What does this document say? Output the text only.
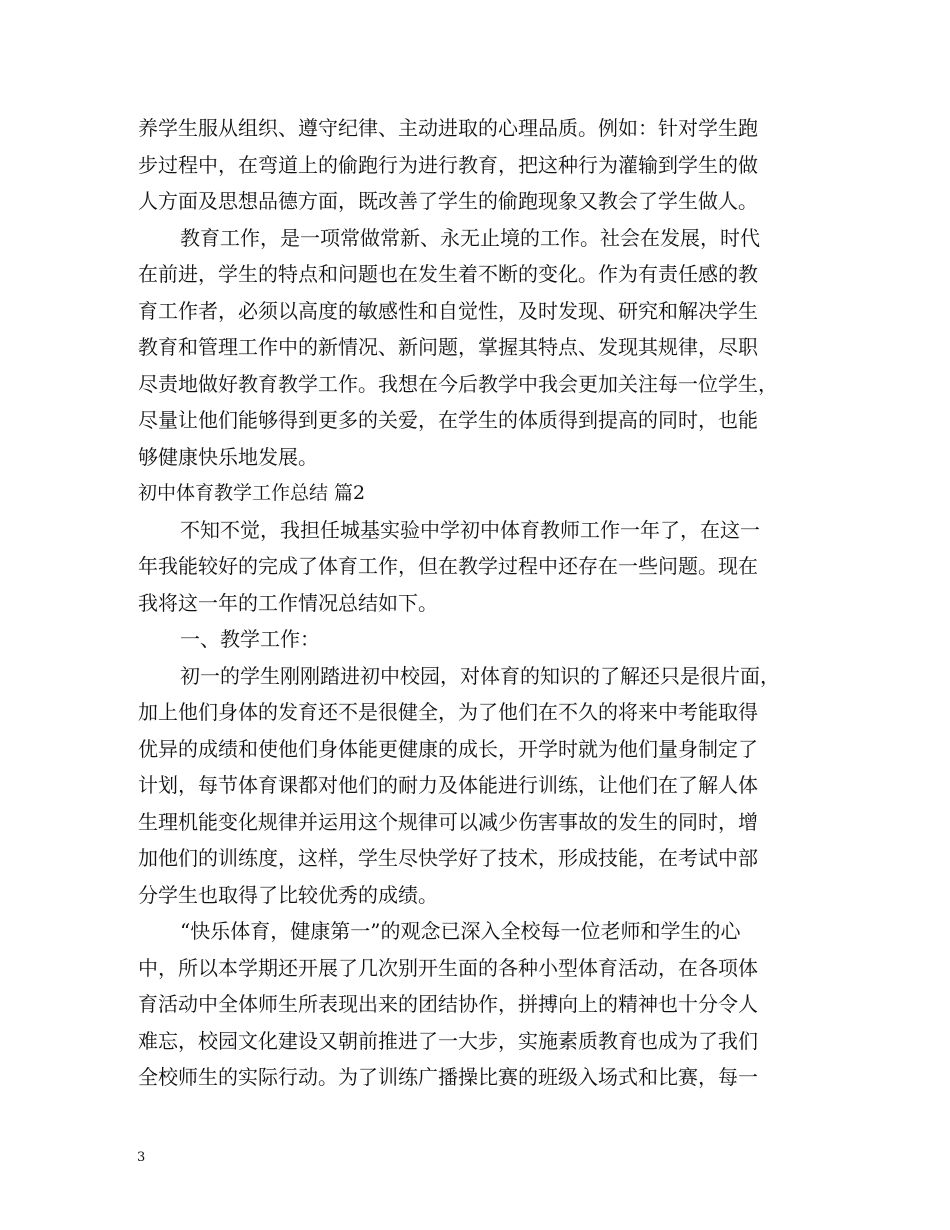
养学生服从组织、遵守纪律、主动进取的心理品质。例如：针对学生跑
步过程中，在弯道上的偷跑行为进行教育，把这种行为灌输到学生的做
人方面及思想品德方面，既改善了学生的偷跑现象又教会了学生做人。
教育工作，是一项常做常新、永无止境的工作。社会在发展，时代
在前进，学生的特点和问题也在发生着不断的变化。作为有责任感的教
育工作者，必须以高度的敏感性和自觉性，及时发现、研究和解决学生
教育和管理工作中的新情况、新问题，掌握其特点、发现其规律，尽职
尽责地做好教育教学工作。我想在今后教学中我会更加关注每一位学生，
尽量让他们能够得到更多的关爱，在学生的体质得到提高的同时，也能
够健康快乐地发展。
初中体育教学工作总结 篇2
不知不觉，我担任城基实验中学初中体育教师工作一年了，在这一
年我能较好的完成了体育工作，但在教学过程中还存在一些问题。现在
我将这一年的工作情况总结如下。
一、教学工作：
初一的学生刚刚踏进初中校园，对体育的知识的了解还只是很片面，
加上他们身体的发育还不是很健全，为了他们在不久的将来中考能取得
优异的成绩和使他们身体能更健康的成长，开学时就为他们量身制定了
计划，每节体育课都对他们的耐力及体能进行训练，让他们在了解人体
生理机能变化规律并运用这个规律可以减少伤害事故的发生的同时，增
加他们的训练度，这样，学生尽快学好了技术，形成技能，在考试中部
分学生也取得了比较优秀的成绩。
“快乐体育，健康第一”的观念已深入全校每一位老师和学生的心
中，所以本学期还开展了几次别开生面的各种小型体育活动，在各项体
育活动中全体师生所表现出来的团结协作，拼搏向上的精神也十分令人
难忘，校园文化建设又朝前推进了一大步，实施素质教育也成为了我们
全校师生的实际行动。为了训练广播操比赛的班级入场式和比赛，每一
3
